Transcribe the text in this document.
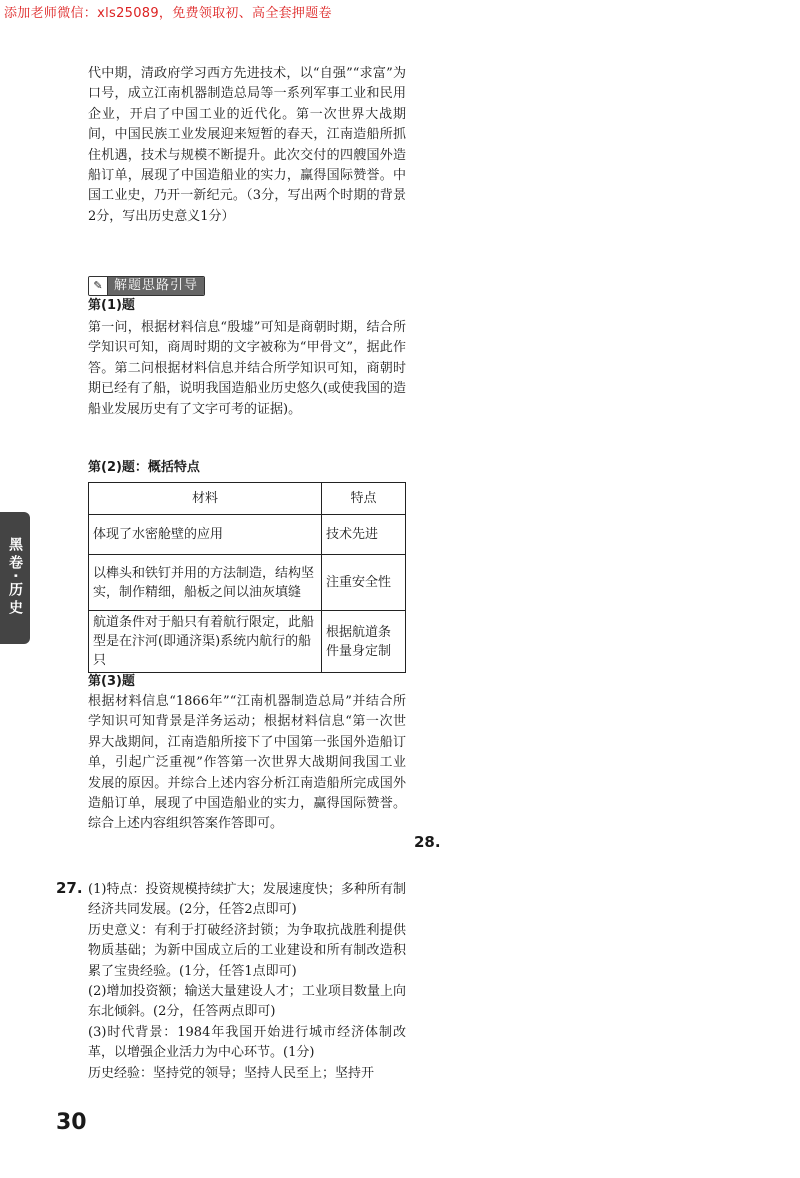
添加老师微信：xls25089，免费领取初、高全套押题卷

代中期，清政府学习西方先进技术，以“自强”“求富”为口号，成立江南机器制造总局等一系列军事工业和民用企业，开启了中国工业的近代化。第一次世界大战期间，中国民族工业发展迎来短暂的春天，江南造船所抓住机遇，技术与规模不断提升。此次交付的四艘国外造船订单，展现了中国造船业的实力，赢得国际赞誉。中国工业史，乃开一新纪元。（3分，写出两个时期的背景2分，写出历史意义1分）

✎ 解题思路引导

第(1)题

第一问，根据材料信息“殷墟”可知是商朝时期，结合所学知识可知，商周时期的文字被称为“甲骨文”，据此作答。第二问根据材料信息并结合所学知识可知，商朝时期已经有了船，说明我国造船业历史悠久(或使我国的造船业发展历史有了文字可考的证据)。

第(2)题：概括特点

材料	特点
体现了水密舱壁的应用	技术先进
以榫头和铁钉并用的方法制造，结构坚实，制作精细，船板之间以油灰填缝	注重安全性
航道条件对于船只有着航行限定，此船型是在汴河(即通济渠)系统内航行的船只	根据航道条件量身定制

第(3)题

根据材料信息“1866年”“江南机器制造总局”并结合所学知识可知背景是洋务运动；根据材料信息“第一次世界大战期间，江南造船所接下了中国第一张国外造船订单，引起广泛重视”作答第一次世界大战期间我国工业发展的原因。并综合上述内容分析江南造船所完成国外造船订单，展现了中国造船业的实力，赢得国际赞誉。综合上述内容组织答案作答即可。

(1)特点：投资规模持续扩大；发展速度快；多种所有制经济共同发展。(2分，任答2点即可)
历史意义：有利于打破经济封锁；为争取抗战胜利提供物质基础；为新中国成立后的工业建设和所有制改造积累了宝贵经验。(1分，任答1点即可)
(2)增加投资额；输送大量建设人才；工业项目数量上向东北倾斜。(2分，任答两点即可)
(3)时代背景：1984年我国开始进行城市经济体制改革，以增强企业活力为中心环节。(1分)
历史经验：坚持党的领导；坚持人民至上；坚持开

27.

28.
黑卷·历史
30
